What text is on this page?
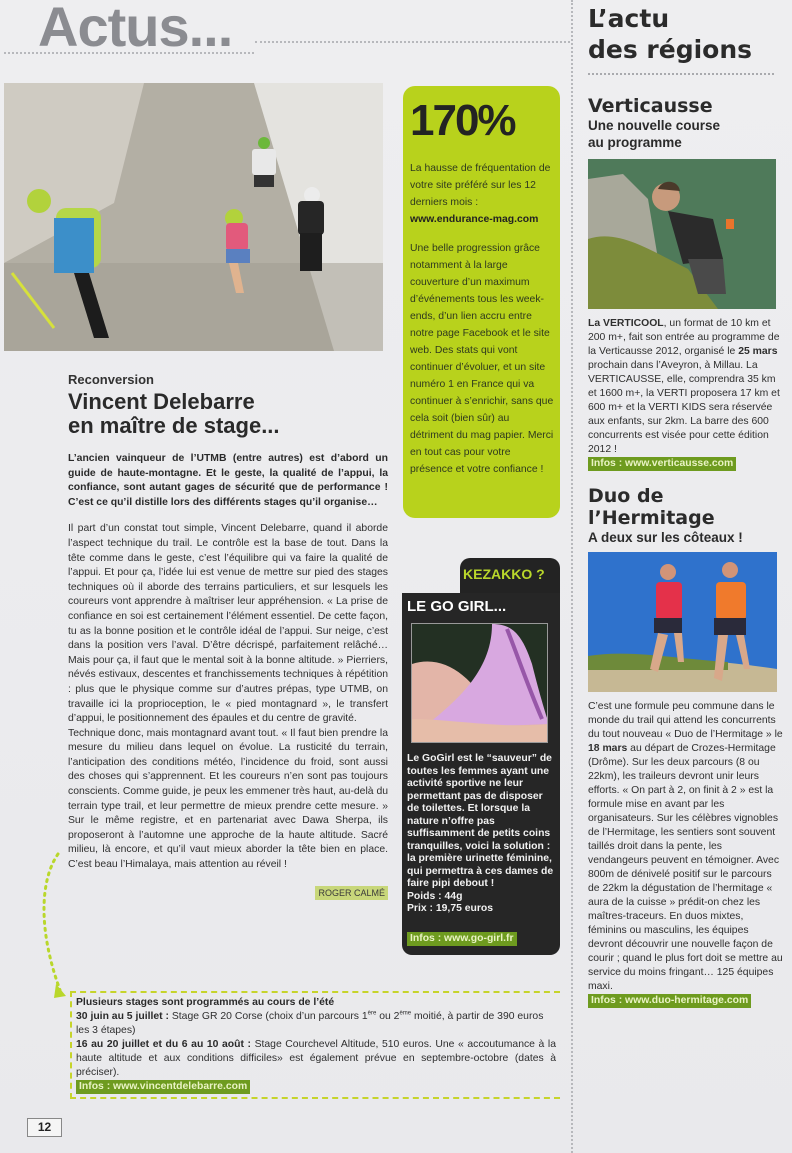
Actus...
170%
La hausse de fréquentation de votre site préféré sur les 12 derniers mois :
www.endurance-mag.com
Une belle progression grâce notamment à la large couverture d’un maximum d’événements tous les week-ends, d’un lien accru entre notre page Facebook et le site web. Des stats qui vont continuer d’évoluer, et un site numéro 1 en France qui va continuer à s’enrichir, sans que cela soit (bien sûr) au détriment du mag papier. Merci en tout cas pour votre présence et votre confiance !
Reconversion
Vincent Delebarre
en maître de stage...
L’ancien vainqueur de l’UTMB (entre autres) est d’abord un guide de haute-montagne. Et le geste, la qualité de l’appui, la confiance, sont autant gages de sécurité que de performance ! C’est ce qu’il distille lors des différents stages qu’il organise…
Il part d’un constat tout simple, Vincent Delebarre, quand il aborde l’aspect technique du trail. Le contrôle est la base de tout. Dans la tête comme dans le geste, c’est l’équilibre qui va faire la qualité de l’appui. Et pour ça, l’idée lui est venue de mettre sur pied des stages techniques où il aborde des terrains particuliers, et sur lesquels les coureurs vont apprendre à maîtriser leur appréhension. « La prise de confiance en soi est certainement l’élément essentiel. De cette façon, tu as la bonne position et le contrôle idéal de l’appui. Sur neige, c’est dans la position vers l’aval. D’être décrispé, parfaitement relâché… Mais pour ça, il faut que le mental soit à la bonne altitude. » Pierriers, névés estivaux, descentes et franchissements techniques à répétition : plus que le physique comme sur d’autres prépas, type UTMB, on travaille ici la proprioception, le « pied montagnard », le transfert d’appui, le positionnement des épaules et du centre de gravité.
Technique donc, mais montagnard avant tout. « Il faut bien prendre la mesure du milieu dans lequel on évolue. La rusticité du terrain, l’anticipation des conditions météo, l’incidence du froid, sont aussi des choses qui s’apprennent. Et les coureurs n’en sont pas toujours conscients. Comme guide, je peux les emmener très haut, au-delà du terrain type trail, et leur permettre de mieux prendre cette mesure. » Sur le même registre, et en partenariat avec Dawa Sherpa, ils proposeront à l’automne une approche de la haute altitude. Sacré milieu, là encore, et qu’il vaut mieux aborder la tête bien en place. C’est beau l’Himalaya, mais attention au réveil !
ROGER CALMÉ
Plusieurs stages sont programmés au cours de l’été
30 juin au 5 juillet : Stage GR 20 Corse (choix d’un parcours 1ère ou 2ème moitié, à partir de 390 euros les 3 étapes)
16 au 20 juillet et du 6 au 10 août : Stage Courchevel Altitude, 510 euros. Une « accoutumance à la haute altitude et aux conditions difficiles» est également prévue en septembre-octobre (dates à préciser).
Infos : www.vincentdelebarre.com
KEZAKKO ?
LE GO GIRL...
Le GoGirl est le “sauveur” de toutes les femmes ayant une activité sportive ne leur permettant pas de disposer de toilettes. Et lorsque la nature n’offre pas suffisamment de petits coins tranquilles, voici la solution : la première urinette féminine, qui permettra à ces dames de faire pipi debout !
Poids : 44g
Prix : 19,75 euros
Infos : www.go-girl.fr
L’actu
des régions
Verticausse
Une nouvelle course
au programme
La VERTICOOL, un format de 10 km et 200 m+, fait son entrée au programme de la Verticausse 2012, organisé le 25 mars prochain dans l’Aveyron, à Millau. La VERTICAUSSE, elle, comprendra 35 km et 1600 m+, la VERTI proposera 17 km et 600 m+ et la VERTI KIDS sera réservée aux enfants, sur 2km. La barre des 600 concurrents est visée pour cette édition 2012 !
Infos : www.verticausse.com
Duo de
l’Hermitage
A deux sur les côteaux !
C’est une formule peu commune dans le monde du trail qui attend les concurrents du tout nouveau « Duo de l’Hermitage » le 18 mars au départ de Crozes-Hermitage (Drôme). Sur les deux parcours (8 ou 22km), les traileurs devront unir leurs efforts. « On part à 2, on finit à 2 » est la formule mise en avant par les organisateurs. Sur les célèbres vignobles de l’Hermitage, les sentiers sont souvent taillés droit dans la pente, les vendangeurs peuvent en témoigner. Avec 800m de dénivelé positif sur le parcours de 22km la dégustation de l’hermitage « aura de la cuisse » prédit-on chez les maîtres-traceurs. En duos mixtes, féminins ou masculins, les équipes devront découvrir une nouvelle façon de courir ; quand le plus fort doit se mettre au service du moins fringant… 125 équipes maxi.
Infos : www.duo-hermitage.com
12
